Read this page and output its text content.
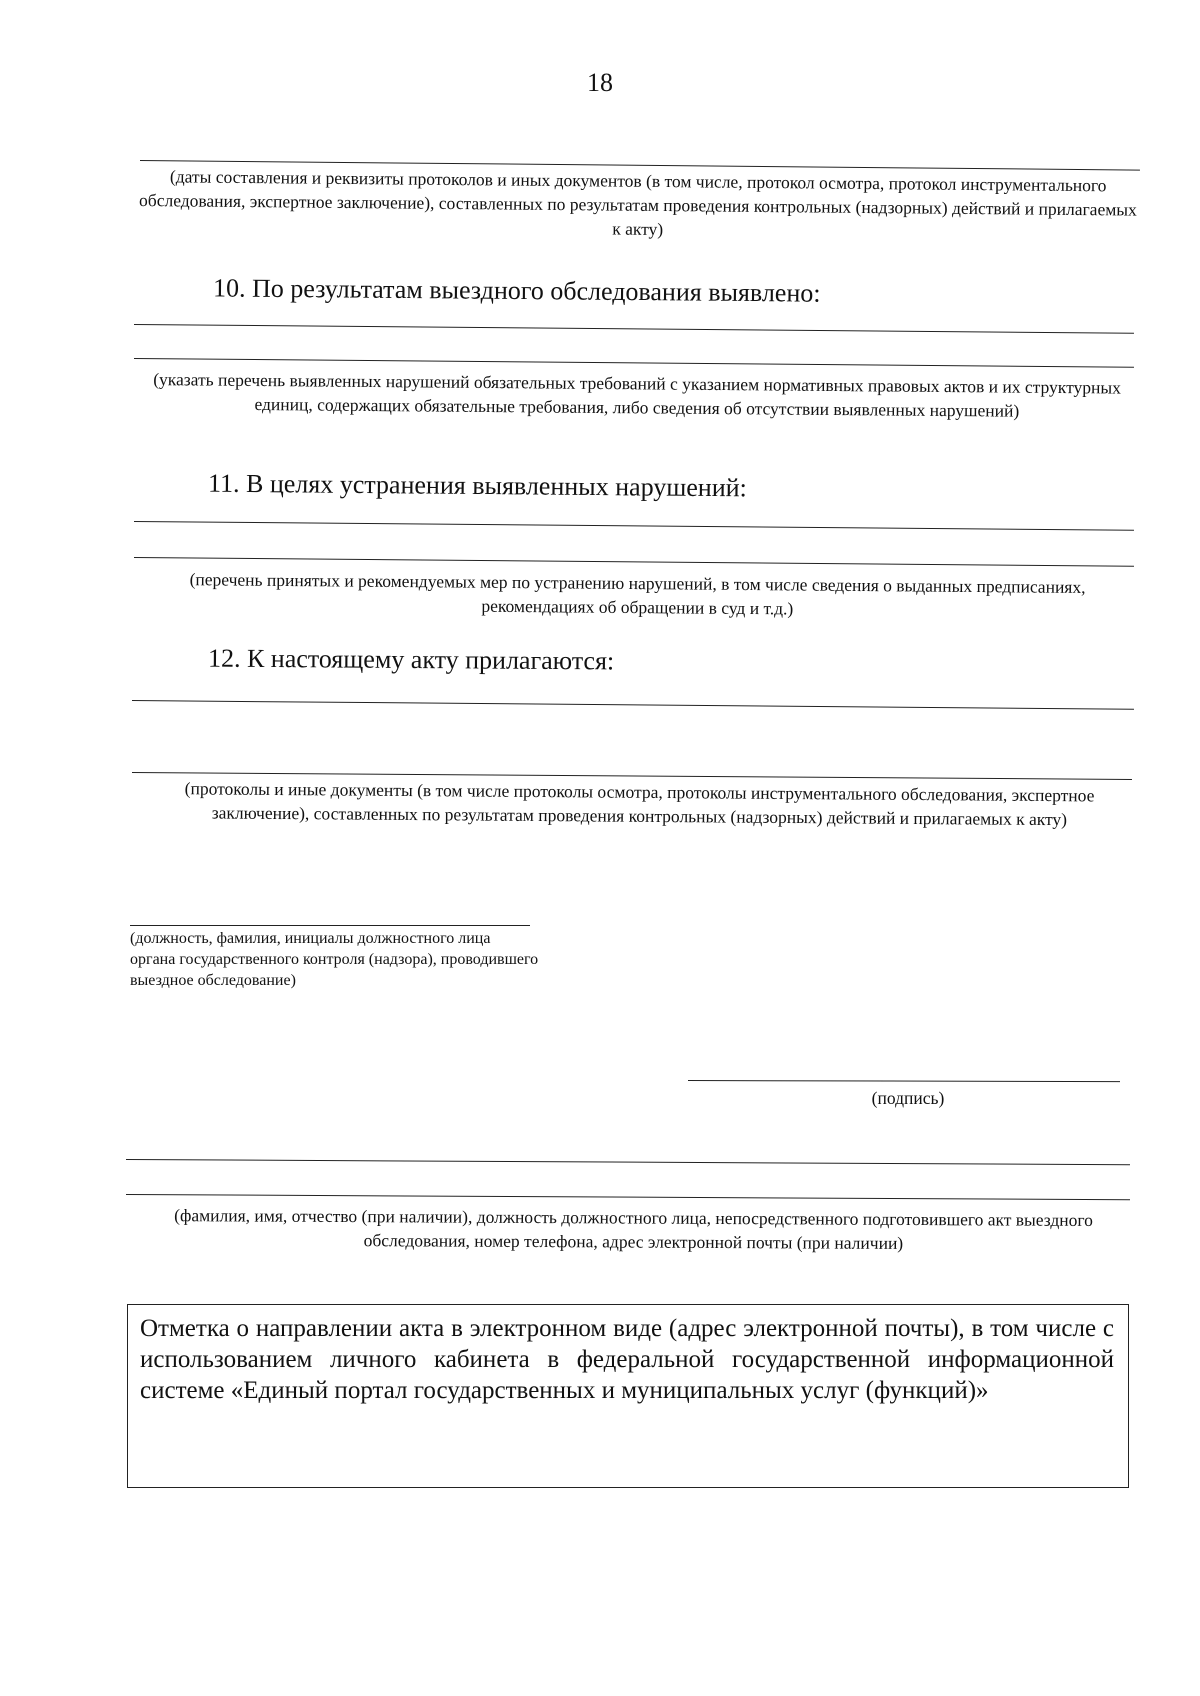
18
(даты составления и реквизиты протоколов и иных документов (в том числе, протокол осмотра, протокол инструментального обследования, экспертное заключение), составленных по результатам проведения контрольных (надзорных) действий и прилагаемых к акту)
10. По результатам выездного обследования выявлено:
(указать перечень выявленных нарушений обязательных требований с указанием нормативных правовых актов и их структурных единиц, содержащих обязательные требования, либо сведения об отсутствии выявленных нарушений)
11. В целях устранения выявленных нарушений:
(перечень принятых и рекомендуемых мер по устранению нарушений, в том числе сведения о выданных предписаниях, рекомендациях об обращении в суд и т.д.)
12. К настоящему акту прилагаются:
(протоколы и иные документы (в том числе протоколы осмотра, протоколы инструментального обследования, экспертное заключение), составленных по результатам проведения контрольных (надзорных) действий и прилагаемых к акту)
(должность, фамилия, инициалы должностного лица
органа государственного контроля (надзора), проводившего
выездное обследование)
(подпись)
(фамилия, имя, отчество (при наличии), должность должностного лица, непосредственного подготовившего акт выездного обследования, номер телефона, адрес электронной почты (при наличии)
Отметка о направлении акта в электронном виде (адрес электронной почты), в том числе с использованием личного кабинета в федеральной государственной информационной системе «Единый портал государственных и муниципальных услуг (функций)»
